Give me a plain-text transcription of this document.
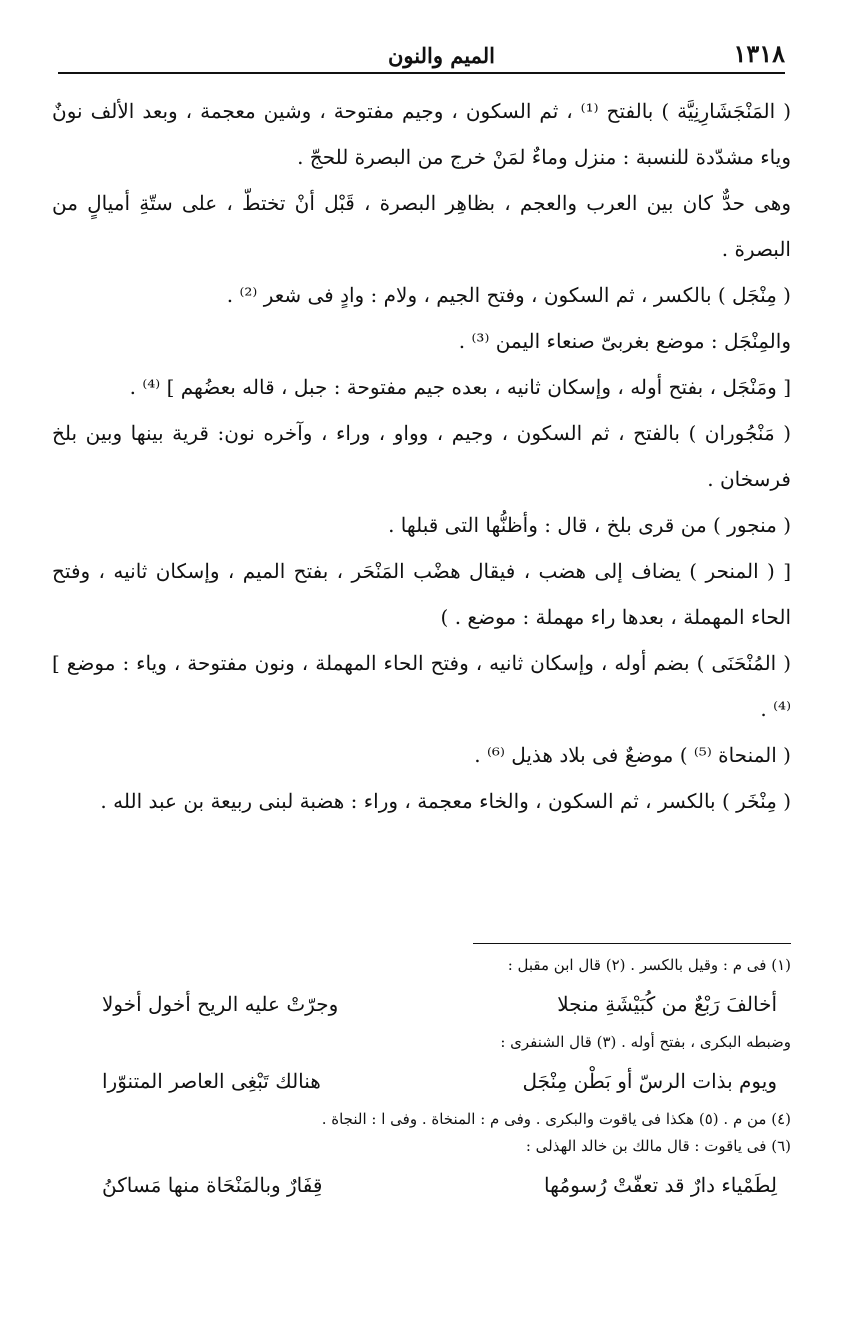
١٣١٨
الميم والنون

( المَنْجَشَارِنِيَّة ) بالفتح ⁽¹⁾ ، ثم السكون ، وجيم مفتوحة ، وشين معجمة ، وبعد الألف نونٌ وياء مشدّدة للنسبة : منزل وماءٌ لمَنْ خرج من البصرة للحجّ .

وهى حدٌّ كان بين العرب والعجم ، بظاهِر البصرة ، قَبْل أنْ تختطّ ، على ستّةِ أميالٍ من البصرة .

( مِنْجَل ) بالكسر ، ثم السكون ، وفتح الجيم ، ولام : وادٍ فى شعر ⁽²⁾ .

والمِنْجَل : موضع بغربىّ صنعاء اليمن ⁽³⁾ .

[ ومَنْجَل ، بفتح أوله ، وإسكان ثانيه ، بعده جيم مفتوحة : جبل ، قاله بعضُهم ] ⁽⁴⁾ .

( مَنْجُوران ) بالفتح ، ثم السكون ، وجيم ، وواو ، وراء ، وآخره نون: قرية بينها وبين بلخ فرسخان .

( منجور ) من قرى بلخ ، قال : وأظنُّها التى قبلها .

[ ( المنحر ) يضاف إلى هضب ، فيقال هضْب المَنْحَر ، بفتح الميم ، وإسكان ثانيه ، وفتح الحاء المهملة ، بعدها راء مهملة : موضع . )

( المُنْحَنَى ) بضم أوله ، وإسكان ثانيه ، وفتح الحاء المهملة ، ونون مفتوحة ، وياء : موضع ] ⁽⁴⁾ .

( المنحاة ⁽⁵⁾ ) موضعٌ فى بلاد هذيل ⁽⁶⁾ .

( مِنْخَر ) بالكسر ، ثم السكون ، والخاء معجمة ، وراء : هضبة لبنى ربيعة بن عبد الله .

(١) فى م : وقيل بالكسر . (٢) قال ابن مقبل :

أخالفَ رَبْعٌ من كُبَيْشَةِ منجلا
وجرّتْ عليه الريح أخول أخولا

وضبطه البكرى ، بفتح أوله . (٣) قال الشنفرى :

ويوم بذات الرسّ أو بَطْن مِنْجَل
هنالك تَبْغِى العاصر المتنوّرا

(٤) من م . (٥) هكذا فى ياقوت والبكرى . وفى م : المنخاة . وفى ا : النجاة .

(٦) فى ياقوت : قال مالك بن خالد الهذلى :

لِطَمْياء دارٌ قد تعفّتْ رُسومُها
قِفَارٌ وبالمَنْحَاة منها مَساكنُ
